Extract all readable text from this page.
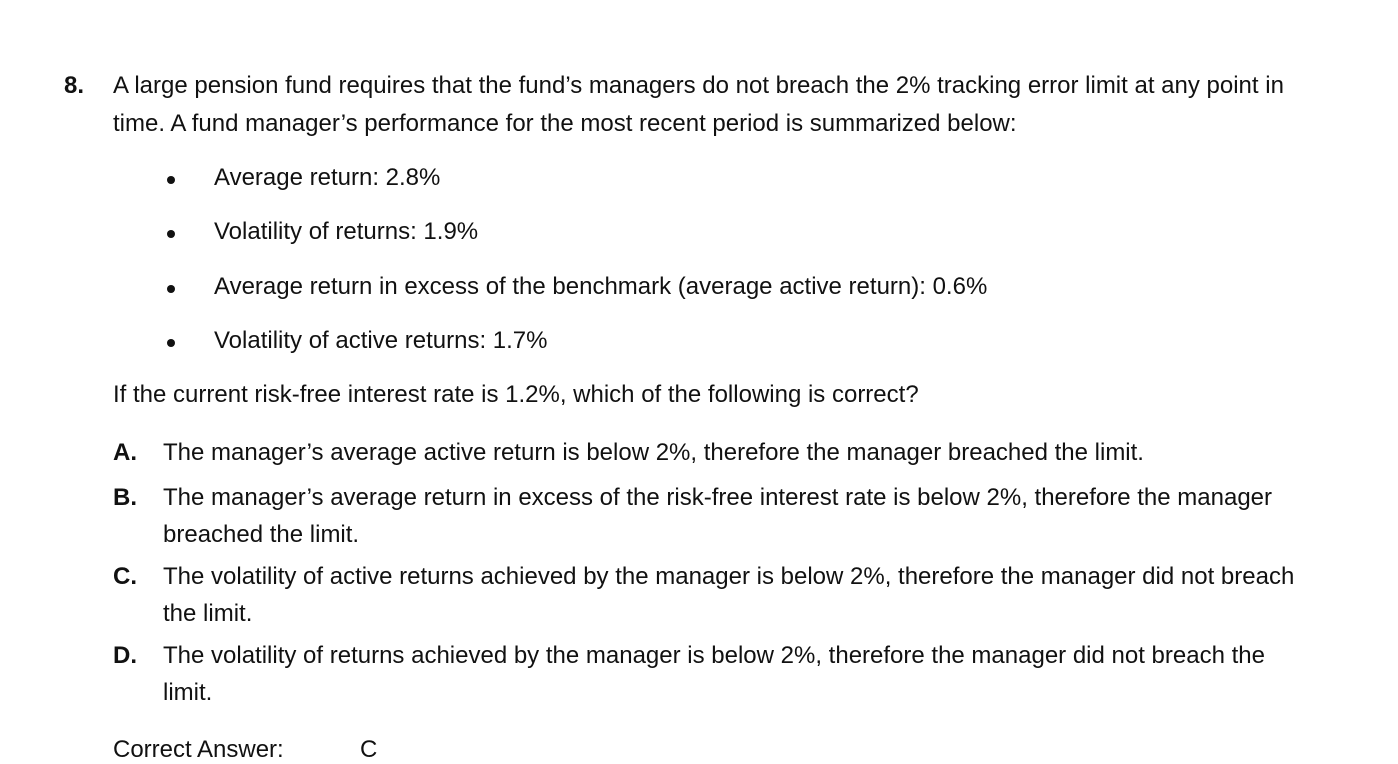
8. A large pension fund requires that the fund’s managers do not breach the 2% tracking error limit at any point in
time. A fund manager’s performance for the most recent period is summarized below:
Average return: 2.8%
Volatility of returns: 1.9%
Average return in excess of the benchmark (average active return): 0.6%
Volatility of active returns: 1.7%
If the current risk-free interest rate is 1.2%, which of the following is correct?
A. The manager’s average active return is below 2%, therefore the manager breached the limit.
B. The manager’s average return in excess of the risk-free interest rate is below 2%, therefore the manager
breached the limit.
C. The volatility of active returns achieved by the manager is below 2%, therefore the manager did not breach
the limit.
D. The volatility of returns achieved by the manager is below 2%, therefore the manager did not breach the
limit.
Correct Answer:	C
